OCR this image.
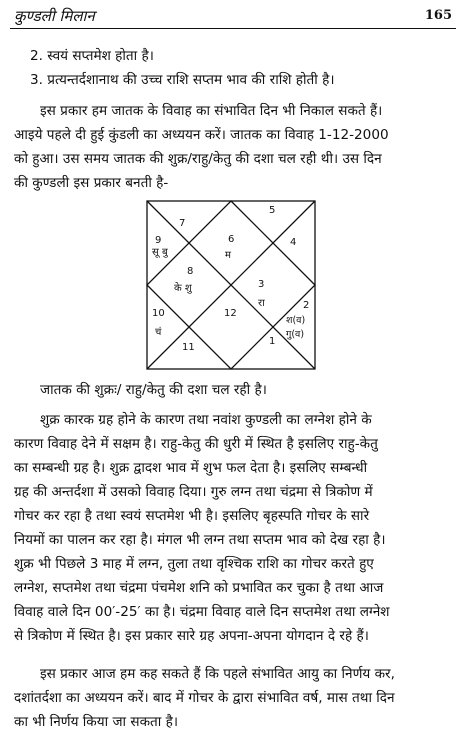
कुण्डली मिलान	165
2. स्वयं सप्तमेश होता है।
3. प्रत्यन्तर्दशानाथ की उच्च राशि सप्तम भाव की राशि होती है।
इस प्रकार हम जातक के विवाह का संभावित दिन भी निकाल सकते हैं।
आइये पहले दी हुई कुंडली का अध्ययन करें। जातक का विवाह 1-12-2000
को हुआ। उस समय जातक की शुक्र/राहु/केतु की दशा चल रही थी। उस दिन
की कुण्डली इस प्रकार बनती है-
5
7
6	4
9
8
3
2
10	12
11
1
म
के शु
सू बु
चं
रा
श(व)
गु(व)
जातक की शुक्रः/ राहु/केतु की दशा चल रही है।
शुक्र कारक ग्रह होने के कारण तथा नवांश कुण्डली का लग्नेश होने के
कारण विवाह देने में सक्षम है। राहु-केतु की धुरी में स्थित है इसलिए राहु-केतु
का सम्बन्धी ग्रह है। शुक्र द्वादश भाव में शुभ फल देता है। इसलिए सम्बन्धी
ग्रह की अन्तर्दशा में उसको विवाह दिया। गुरु लग्न तथा चंद्रमा से त्रिकोण में
गोचर कर रहा है तथा स्वयं सप्तमेश भी है। इसलिए बृहस्पति गोचर के सारे
नियमों का पालन कर रहा है। मंगल भी लग्न तथा सप्तम भाव को देख रहा है।
शुक्र भी पिछले 3 माह में लग्न, तुला तथा वृश्चिक राशि का गोचर करते हुए
लग्नेश, सप्तमेश तथा चंद्रमा पंचमेश शनि को प्रभावित कर चुका है तथा आज
विवाह वाले दिन 00′-25′ का है। चंद्रमा विवाह वाले दिन सप्तमेश तथा लग्नेश
से त्रिकोण में स्थित है। इस प्रकार सारे ग्रह अपना-अपना योगदान दे रहे हैं।
इस प्रकार आज हम कह सकते हैं कि पहले संभावित आयु का निर्णय कर,
दशांतर्दशा का अध्ययन करें। बाद में गोचर के द्वारा संभावित वर्ष, मास तथा दिन
का भी निर्णय किया जा सकता है।
